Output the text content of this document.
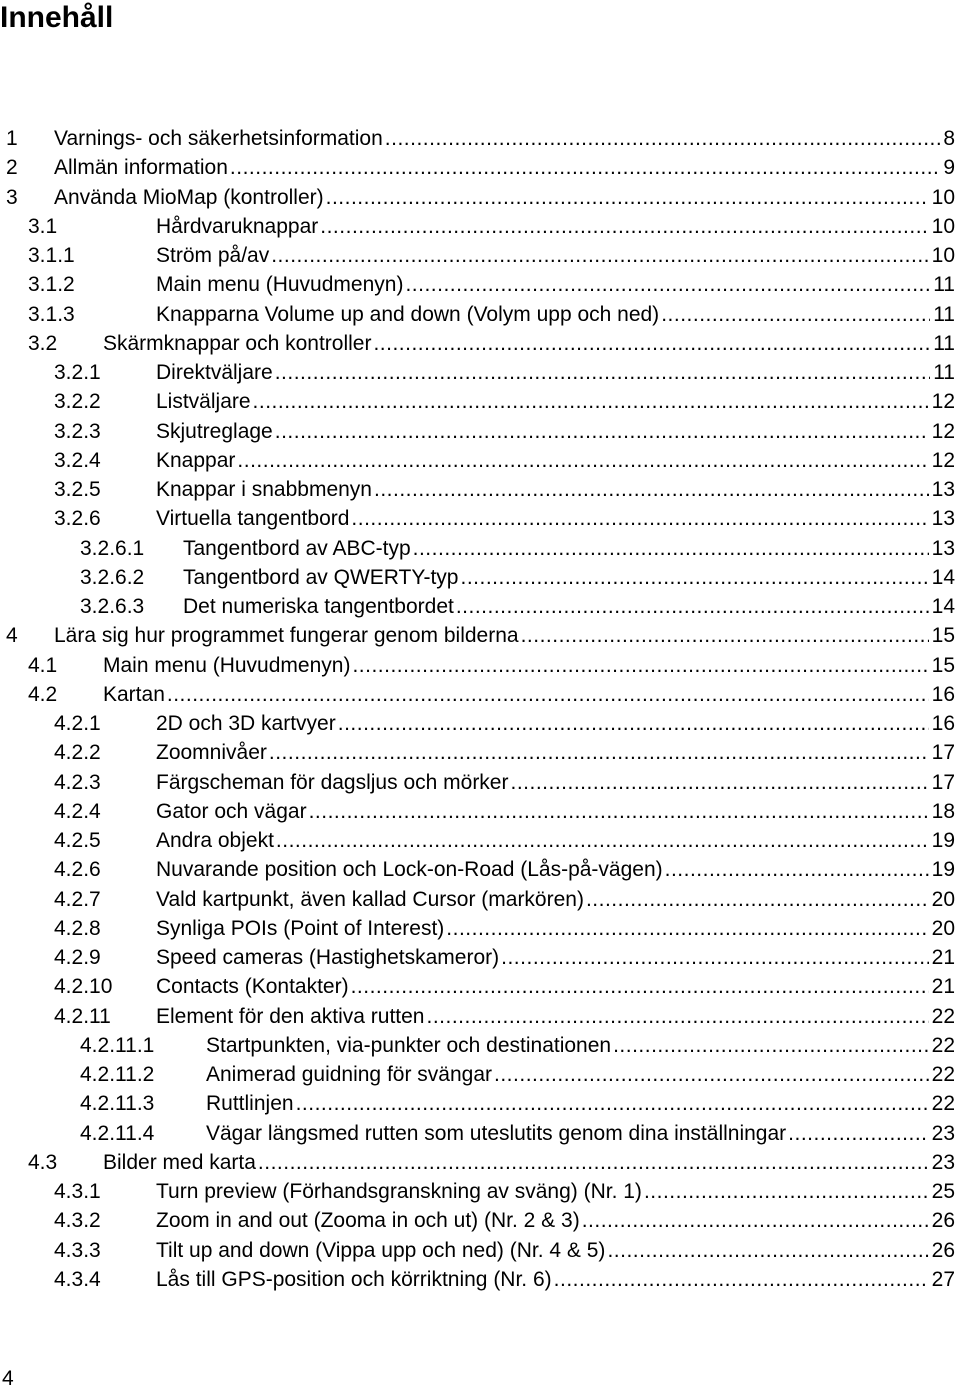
Innehåll
1	Varnings- och säkerhetsinformation .....	8
2	Allmän information .....	9
3	Använda MioMap (kontroller) .....	10
3.1	Hårdvaruknappar .....	10
3.1.1	Ström på/av .....	10
3.1.2	Main menu (Huvudmenyn) .....	11
3.1.3	Knapparna Volume up and down (Volym upp och ned) .....	11
3.2	Skärmknappar och kontroller .....	11
3.2.1	Direktväljare .....	11
3.2.2	Listväljare .....	12
3.2.3	Skjutreglage .....	12
3.2.4	Knappar .....	12
3.2.5	Knappar i snabbmenyn .....	13
3.2.6	Virtuella tangentbord .....	13
3.2.6.1	Tangentbord av ABC-typ .....	13
3.2.6.2	Tangentbord av QWERTY-typ .....	14
3.2.6.3	Det numeriska tangentbordet .....	14
4	Lära sig hur programmet fungerar genom bilderna .....	15
4.1	Main menu (Huvudmenyn) .....	15
4.2	Kartan .....	16
4.2.1	2D och 3D kartvyer .....	16
4.2.2	Zoomnivåer .....	17
4.2.3	Färgscheman för dagsljus och mörker .....	17
4.2.4	Gator och vägar .....	18
4.2.5	Andra objekt .....	19
4.2.6	Nuvarande position och Lock-on-Road (Lås-på-vägen) .....	19
4.2.7	Vald kartpunkt, även kallad Cursor (markören) .....	20
4.2.8	Synliga POIs (Point of Interest) .....	20
4.2.9	Speed cameras (Hastighetskameror) .....	21
4.2.10	Contacts (Kontakter) .....	21
4.2.11	Element för den aktiva rutten .....	22
4.2.11.1	Startpunkten, via-punkter och destinationen .....	22
4.2.11.2	Animerad guidning för svängar .....	22
4.2.11.3	Ruttlinjen .....	22
4.2.11.4	Vägar längsmed rutten som uteslutits genom dina inställningar .....	23
4.3	Bilder med karta .....	23
4.3.1	Turn preview (Förhandsgranskning av sväng) (Nr. 1) .....	25
4.3.2	Zoom in and out (Zooma in och ut) (Nr. 2 & 3) .....	26
4.3.3	Tilt up and down (Vippa upp och ned) (Nr. 4 & 5) .....	26
4.3.4	Lås till GPS-position och körriktning (Nr. 6) .....	27
4
